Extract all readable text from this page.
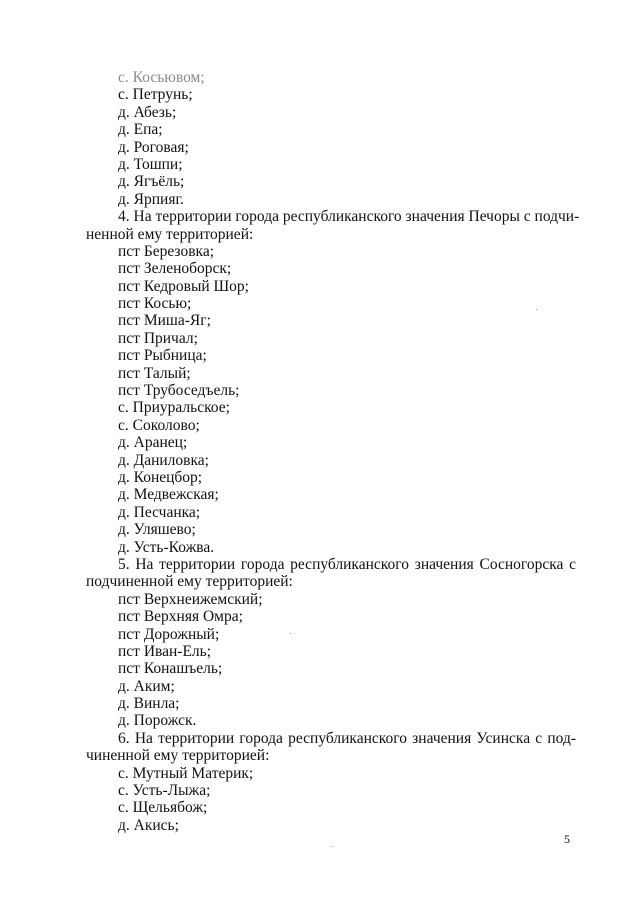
с. Косьювом;
с. Петрунь;
д. Абезь;
д. Епа;
д. Роговая;
д. Тошпи;
д. Ягъёль;
д. Ярпияг.
4. На территории города республиканского значения Печоры с подчи-
ненной ему территорией:
пст Березовка;
пст Зеленоборск;
пст Кедровый Шор;
пст Косью;
пст Миша-Яг;
пст Причал;
пст Рыбница;
пст Талый;
пст Трубоседъель;
с. Приуральское;
с. Соколово;
д. Аранец;
д. Даниловка;
д. Конецбор;
д. Медвежская;
д. Песчанка;
д. Уляшево;
д. Усть-Кожва.
5. На территории города республиканского значения Сосногорска с
подчиненной ему территорией:
пст Верхнеижемский;
пст Верхняя Омра;
пст Дорожный;
пст Иван-Ель;
пст Конашъель;
д. Аким;
д. Винла;
д. Порожск.
6. На территории города республиканского значения Усинска с под-
чиненной ему территорией:
с. Мутный Материк;
с. Усть-Лыжа;
с. Щельябож;
д. Акись;
5
